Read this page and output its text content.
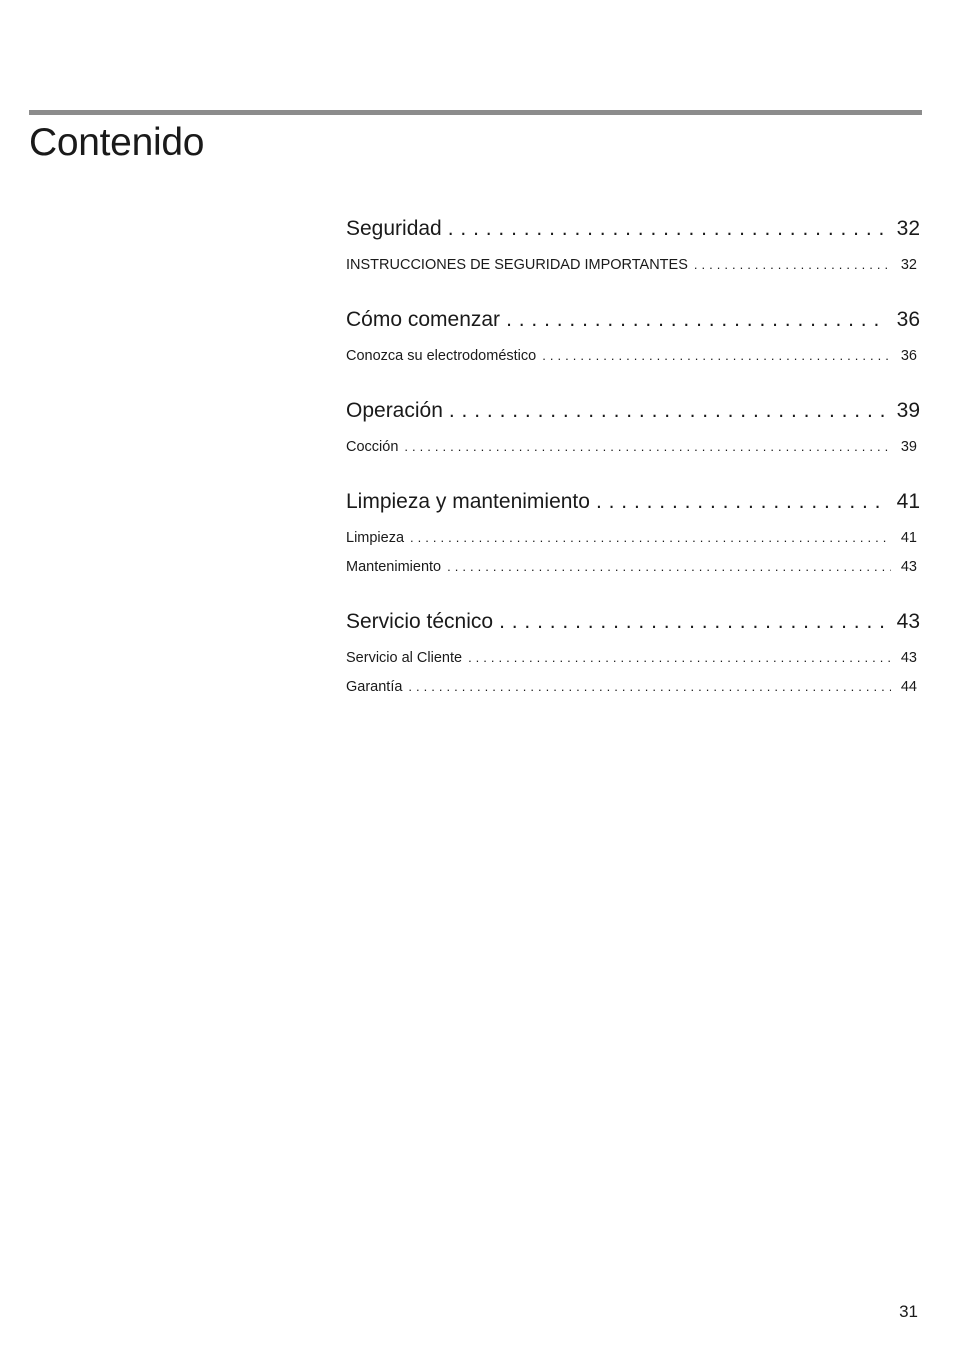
Contenido
Seguridad . . .	32
INSTRUCCIONES DE SEGURIDAD IMPORTANTES . . .	32
Cómo comenzar . . .	36
Conozca su electrodoméstico . . .	36
Operación . . .	39
Cocción . . .	39
Limpieza y mantenimiento . . .	41
Limpieza . . .	41
Mantenimiento . . .	43
Servicio técnico . . .	43
Servicio al Cliente . . .	43
Garantía . . .	44
31
